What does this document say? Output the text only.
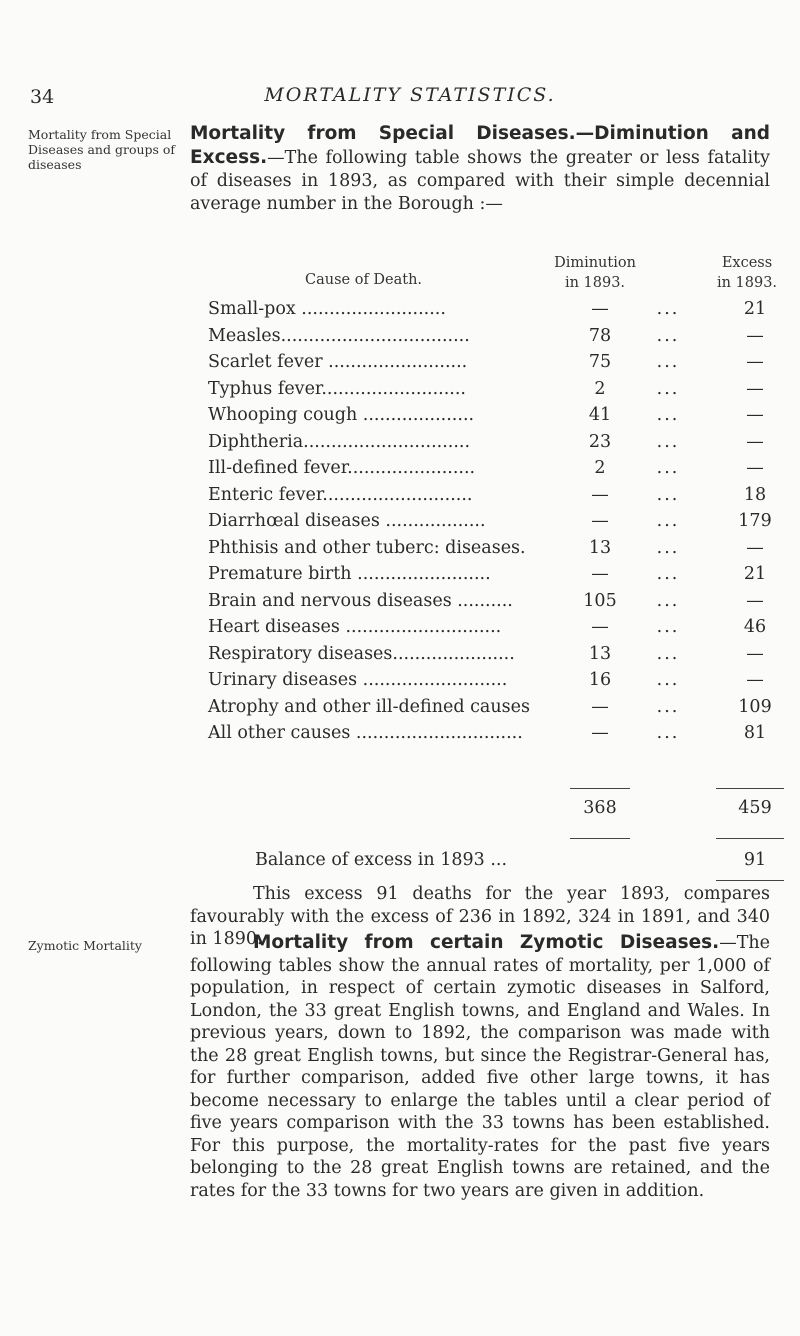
34	MORTALITY STATISTICS.
Mortality from Special Diseases and groups of diseases
Mortality from Special Diseases.—Diminution and Excess.—The following table shows the greater or less fatality of diseases in 1893, as compared with their simple decennial average number in the Borough :—
Cause of Death.
Diminution
in 1893.
Excess
in 1893.
Small-pox ..........................	—	...	21
Measles..................................	78	...	—
Scarlet fever .........................	75	...	—
Typhus fever..........................	2	...	—
Whooping cough ....................	41	...	—
Diphtheria..............................	23	...	—
Ill-defined fever.......................	2	...	—
Enteric fever...........................	—	...	18
Diarrhœal diseases ..................	—	...	179
Phthisis and other tuberc: diseases.	13	...	—
Premature birth ........................	—	...	21
Brain and nervous diseases ..........	105	...	—
Heart diseases ............................	—	...	46
Respiratory diseases......................	13	...	—
Urinary diseases ..........................	16	...	—
Atrophy and other ill-defined causes	—	...	109
All other causes ..............................	—	...	81
368	459
Balance of excess in 1893 ...	91
This excess 91 deaths for the year 1893, compares favourably with the excess of 236 in 1892, 324 in 1891, and 340 in 1890.
Zymotic Mortality	Mortality from certain Zymotic Diseases.—The following tables show the annual rates of mortality, per 1,000 of population, in respect of certain zymotic diseases in Salford, London, the 33 great English towns, and England and Wales. In previous years, down to 1892, the comparison was made with the 28 great English towns, but since the Registrar-General has, for further comparison, added five other large towns, it has become necessary to enlarge the tables until a clear period of five years comparison with the 33 towns has been established. For this purpose, the mortality-rates for the past five years belonging to the 28 great English towns are retained, and the rates for the 33 towns for two years are given in addition.
